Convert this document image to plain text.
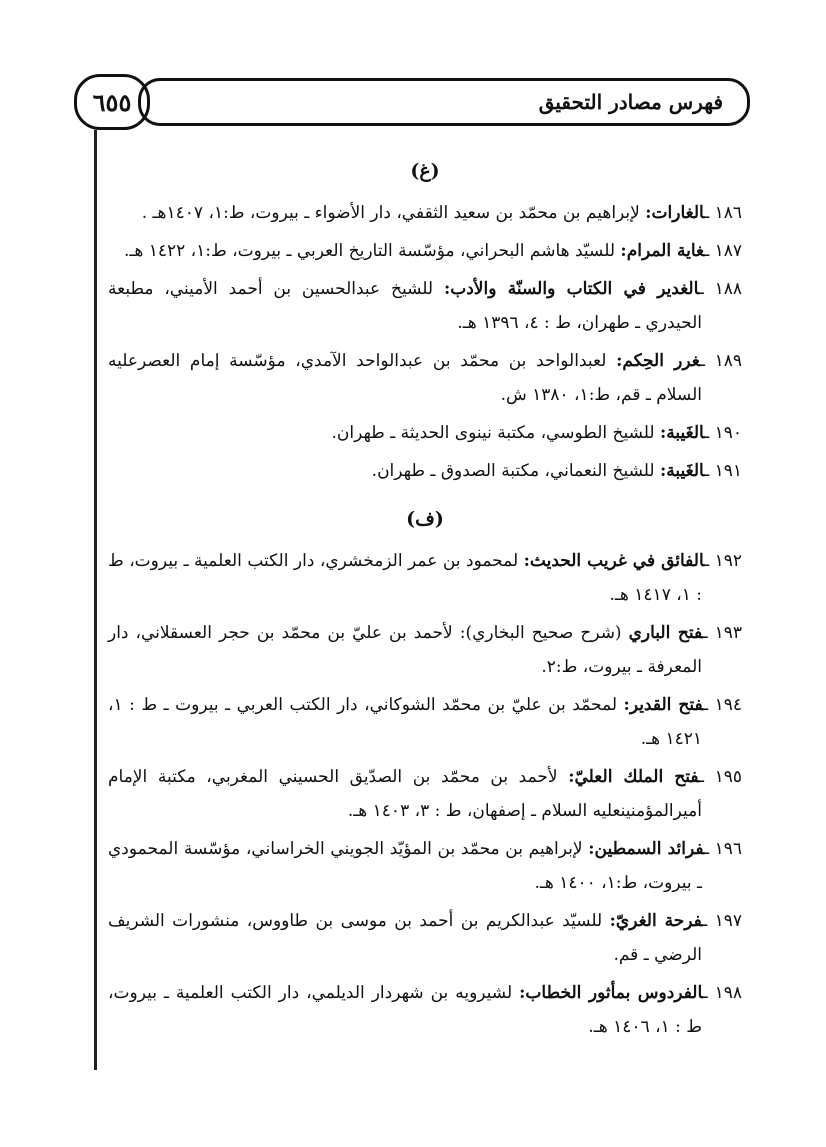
٦٥٥	فهرس مصادر التحقيق
(غ)

١٨٦ ـالغارات: لإبراهيم بن محمّد بن سعيد الثقفي، دار الأضواء ـ بيروت، ط:١، ١٤٠٧هـ .

١٨٧ ـغاية المرام: للسيّد هاشم البحراني، مؤسّسة التاريخ العربي ـ بيروت، ط:١، ١٤٢٢ هـ.

١٨٨ ـالغدير في الكتاب والسنّة والأدب: للشيخ عبدالحسين بن أحمد الأميني، مطبعة الحيدري ـ طهران، ط : ٤، ١٣٩٦ هـ.

١٨٩ ـغرر الحِكم: لعبدالواحد بن محمّد بن عبدالواحد الآمدي، مؤسّسة إمام العصرعليه السلام ـ قم، ط:١، ١٣٨٠ ش.

١٩٠ ـالغَيبة: للشيخ الطوسي، مكتبة نينوى الحديثة ـ طهران.

١٩١ ـالغَيبة: للشيخ النعماني، مكتبة الصدوق ـ طهران.

(ف)

١٩٢ ـالفائق في غريب الحديث: لمحمود بن عمر الزمخشري، دار الكتب العلمية ـ بيروت، ط : ١، ١٤١٧ هـ.

١٩٣ ـفتح الباري (شرح صحيح البخاري): لأحمد بن عليّ بن محمّد بن حجر العسقلاني، دار المعرفة ـ بيروت، ط:٢.

١٩٤ ـفتح القدير: لمحمّد بن عليّ بن محمّد الشوكاني، دار الكتب العربي ـ بيروت ـ ط : ١، ١٤٢١ هـ.

١٩٥ ـفتح الملك العليّ: لأحمد بن محمّد بن الصدّيق الحسيني المغربي، مكتبة الإمام أميرالمؤمنينعليه السلام ـ إصفهان، ط : ٣، ١٤٠٣ هـ.

١٩٦ ـفرائد السمطين: لإبراهيم بن محمّد بن المؤيّد الجويني الخراساني، مؤسّسة المحمودي ـ بيروت، ط:١، ١٤٠٠ هـ.

١٩٧ ـفرحة الغريّ: للسيّد عبدالكريم بن أحمد بن موسى بن طاووس، منشورات الشريف الرضي ـ قم.

١٩٨ ـالفردوس بمأثور الخطاب: لشيرويه بن شهردار الديلمي، دار الكتب العلمية ـ بيروت، ط : ١، ١٤٠٦ هـ.
